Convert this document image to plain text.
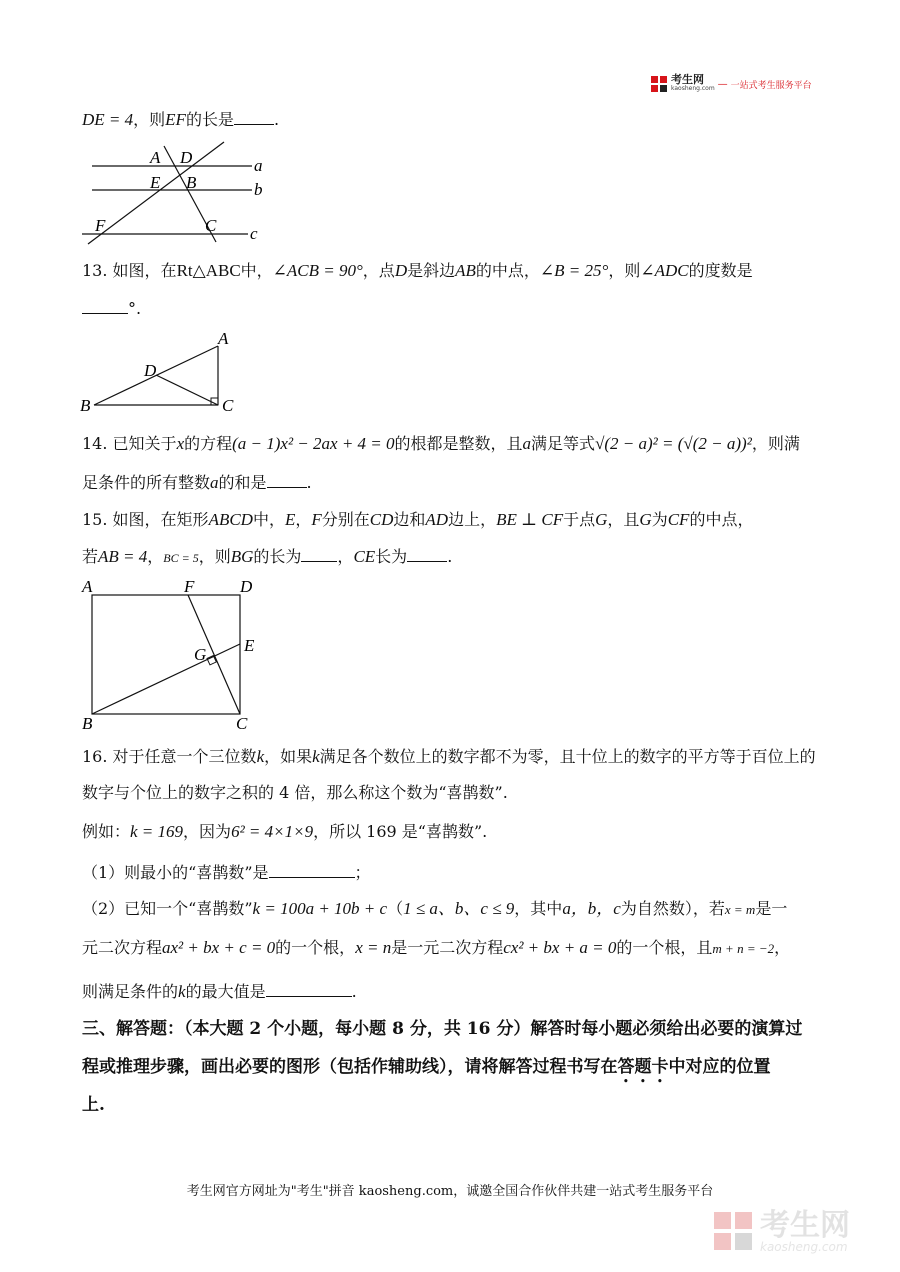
考生网
kaosheng.com — 一站式考生服务平台
DE = 4，则EF的长是	.
A D	a
E B	b
F	C c
13. 如图，在Rt△ABC中，∠ACB = 90°，点D是斜边AB的中点，∠B = 25°，则∠ADC的度数是
°.
A
D
B	C
14. 已知关于x的方程(a − 1)x² − 2ax + 4 = 0的根都是整数，且a满足等式√(2 − a)² = (√(2 − a))²，则满
足条件的所有整数a的和是	.
15. 如图，在矩形ABCD中，E，F分别在CD边和AD边上，BE ⊥ CF于点G，且G为CF的中点，
若AB = 4，BC = 5，则BG的长为 ，CE长为	.
A	F	D
E
G
B	C
16. 对于任意一个三位数k，如果k满足各个数位上的数字都不为零，且十位上的数字的平方等于百位上的
数字与个位上的数字之积的 4 倍，那么称这个数为“喜鹊数”.
例如：k = 169，因为6² = 4×1×9，所以 169 是“喜鹊数”.
（1）则最小的“喜鹊数”是	；
（2）已知一个“喜鹊数”k = 100a + 10b + c（1 ≤ a、b、c ≤ 9，其中a，b，c为自然数），若x = m是一
元二次方程ax² + bx + c = 0的一个根，x = n是一元二次方程cx² + bx + a = 0的一个根，且m + n = −2，
则满足条件的k的最大值是	.
三、解答题：（本大题 2 个小题，每小题 8 分，共 16 分）解答时每小题必须给出必要的演算过
程或推理步骤，画出必要的图形（包括作辅助线），请将解答过程书写在答题卡中对应的位置
上.
考生网官方网址为"考生"拼音 kaosheng.com，诚邀全国合作伙伴共建一站式考生服务平台
考生网
kaosheng.com
